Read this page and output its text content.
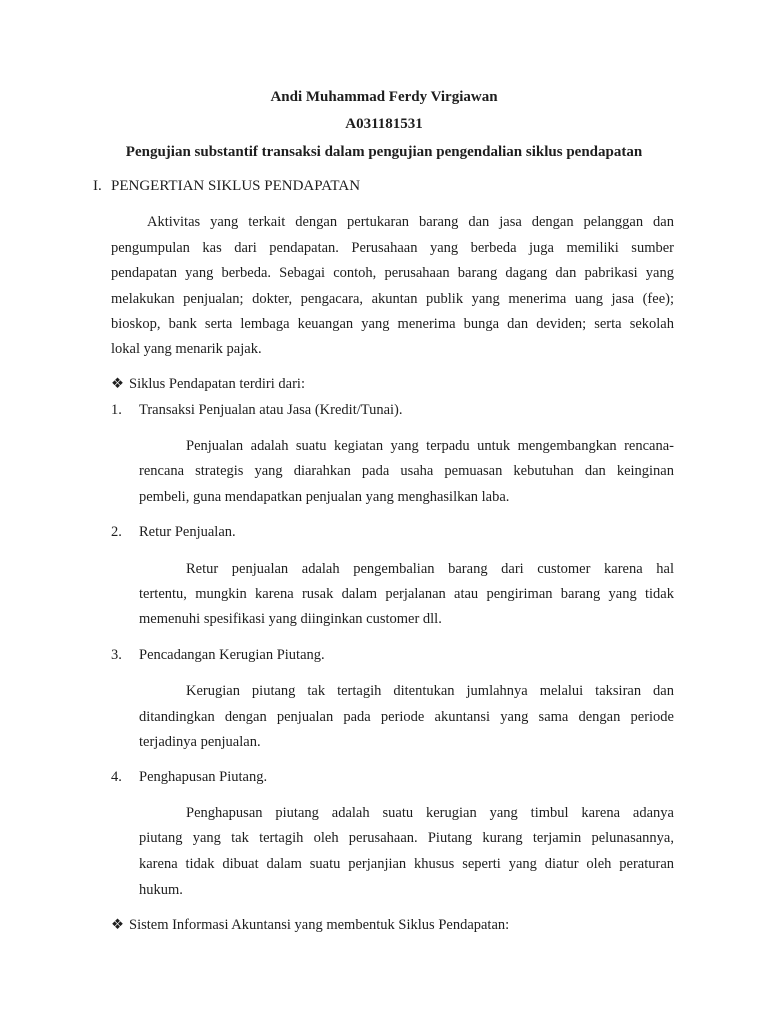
Andi Muhammad Ferdy Virgiawan
A031181531
Pengujian substantif transaksi dalam pengujian pengendalian siklus pendapatan
I. PENGERTIAN SIKLUS PENDAPATAN
Aktivitas yang terkait dengan pertukaran barang dan jasa dengan pelanggan dan
pengumpulan kas dari pendapatan. Perusahaan yang berbeda juga memiliki sumber
pendapatan yang berbeda. Sebagai contoh, perusahaan barang dagang dan pabrikasi yang
melakukan penjualan; dokter, pengacara, akuntan publik yang menerima uang jasa (fee);
bioskop, bank serta lembaga keuangan yang menerima bunga dan deviden; serta sekolah
lokal yang menarik pajak.
❖ Siklus Pendapatan terdiri dari:
1. Transaksi Penjualan atau Jasa (Kredit/Tunai).
Penjualan adalah suatu kegiatan yang terpadu untuk mengembangkan rencana-
rencana strategis yang diarahkan pada usaha pemuasan kebutuhan dan keinginan
pembeli, guna mendapatkan penjualan yang menghasilkan laba.
2. Retur Penjualan.
Retur penjualan adalah pengembalian barang dari customer karena hal
tertentu, mungkin karena rusak dalam perjalanan atau pengiriman barang yang tidak
memenuhi spesifikasi yang diinginkan customer dll.
3. Pencadangan Kerugian Piutang.
Kerugian piutang tak tertagih ditentukan jumlahnya melalui taksiran dan
ditandingkan dengan penjualan pada periode akuntansi yang sama dengan periode
terjadinya penjualan.
4. Penghapusan Piutang.
Penghapusan piutang adalah suatu kerugian yang timbul karena adanya
piutang yang tak tertagih oleh perusahaan. Piutang kurang terjamin pelunasannya,
karena tidak dibuat dalam suatu perjanjian khusus seperti yang diatur oleh peraturan
hukum.
❖ Sistem Informasi Akuntansi yang membentuk Siklus Pendapatan:
